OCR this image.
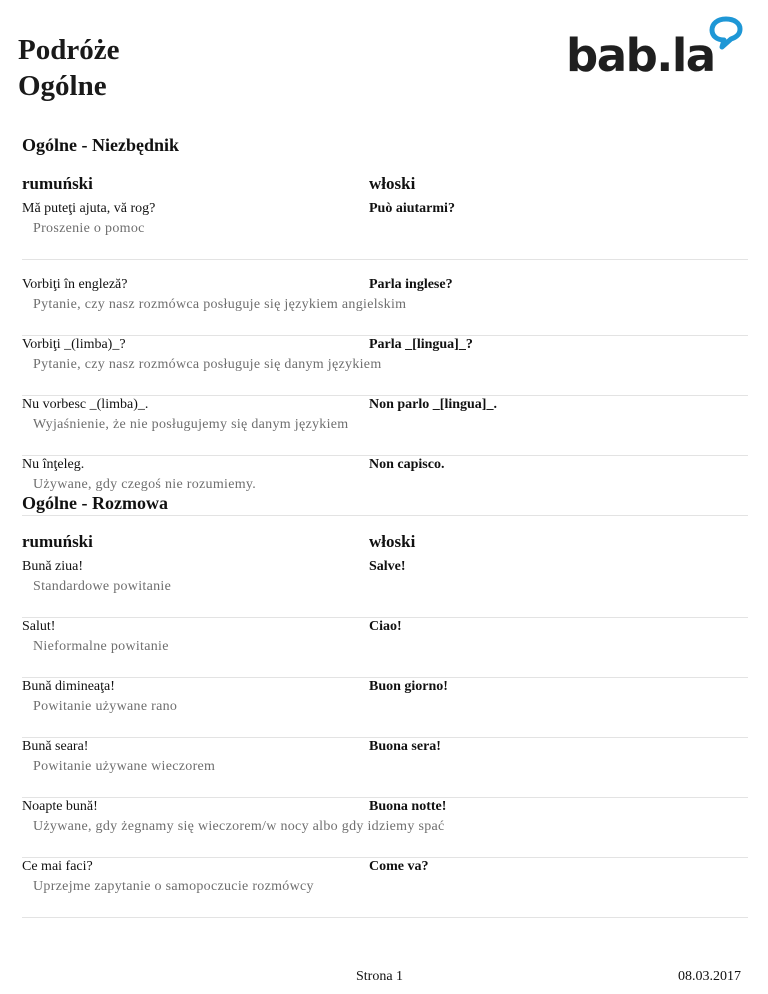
Podróże
Ogólne
bab.la
Ogólne - Niezbędnik
rumuński	włoski
Mă puteţi ajuta, vă rog?	Può aiutarmi?
Proszenie o pomoc
Vorbiţi în engleză?	Parla inglese?
Pytanie, czy nasz rozmówca posługuje się językiem angielskim
Vorbiţi _(limba)_?	Parla _[lingua]_?
Pytanie, czy nasz rozmówca posługuje się danym językiem
Nu vorbesc _(limba)_.	Non parlo _[lingua]_.
Wyjaśnienie, że nie posługujemy się danym językiem
Nu înţeleg.	Non capisco.
Używane, gdy czegoś nie rozumiemy.
Ogólne - Rozmowa
rumuński	włoski
Bună ziua!	Salve!
Standardowe powitanie
Salut!	Ciao!
Nieformalne powitanie
Bună dimineaţa!	Buon giorno!
Powitanie używane rano
Bună seara!	Buona sera!
Powitanie używane wieczorem
Noapte bună!	Buona notte!
Używane, gdy żegnamy się wieczorem/w nocy albo gdy idziemy spać
Ce mai faci?	Come va?
Uprzejme zapytanie o samopoczucie rozmówcy
Strona 1	08.03.2017
